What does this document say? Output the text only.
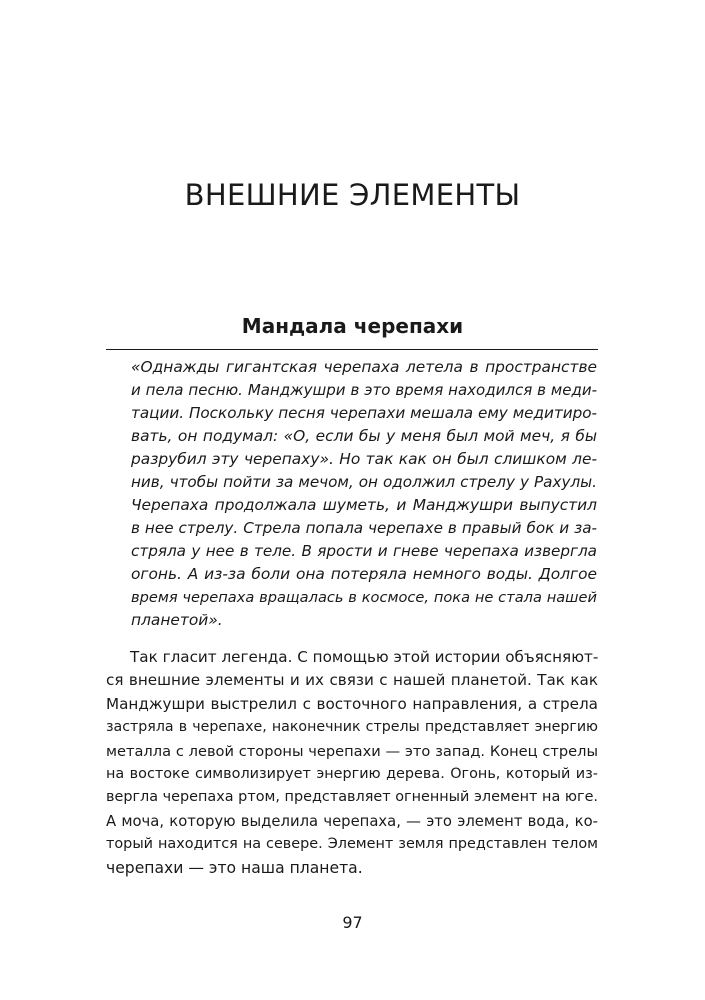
ВНЕШНИЕ ЭЛЕМЕНТЫ
Мандала черепахи
«Однажды гигантская черепаха летела в пространстве
и пела песню. Манджушри в это время находился в меди-
тации. Поскольку песня черепахи мешала ему медитиро-
вать, он подумал: «О, если бы у меня был мой меч, я бы
разрубил эту черепаху». Но так как он был слишком ле-
нив, чтобы пойти за мечом, он одолжил стрелу у Рахулы.
Черепаха продолжала шуметь, и Манджушри выпустил
в нее стрелу. Стрела попала черепахе в правый бок и за-
стряла у нее в теле. В ярости и гневе черепаха извергла
огонь. А из-за боли она потеряла немного воды. Долгое
время черепаха вращалась в космосе, пока не стала нашей
планетой».
Так гласит легенда. С помощью этой истории объясняют-
ся внешние элементы и их связи с нашей планетой. Так как
Манджушри выстрелил с восточного направления, а стрела
застряла в черепахе, наконечник стрелы представляет энергию
металла с левой стороны черепахи — это запад. Конец стрелы
на востоке символизирует энергию дерева. Огонь, который из-
вергла черепаха ртом, представляет огненный элемент на юге.
А моча, которую выделила черепаха, — это элемент вода, ко-
торый находится на севере. Элемент земля представлен телом
черепахи — это наша планета.
97
